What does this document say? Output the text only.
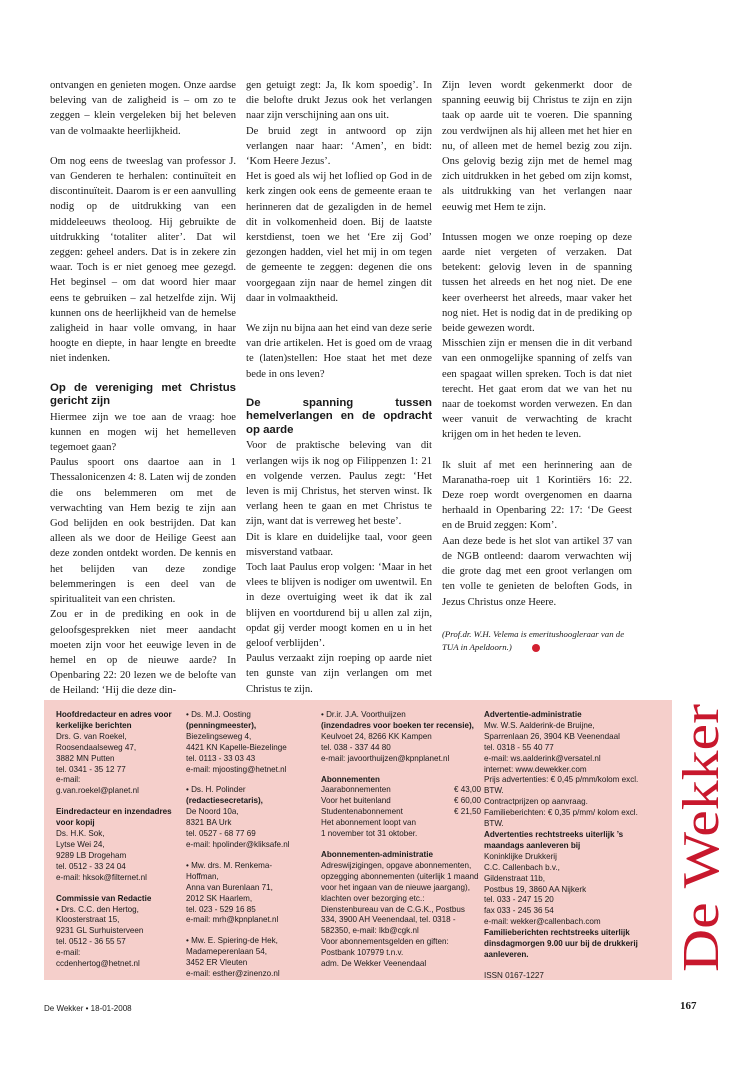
ontvangen en genieten mogen. Onze aardse beleving van de zaligheid is – om zo te zeggen – klein vergeleken bij het beleven van de volmaakte heerlijkheid.

Om nog eens de tweeslag van professor J. van Genderen te herhalen: continuïteit en discontinuïteit. Daarom is er een aanvulling nodig op de uitdrukking van een middeleeuws theoloog. Hij gebruikte de uitdrukking ‘totaliter aliter’. Dat wil zeggen: geheel anders. Dat is in zekere zin waar. Toch is er niet genoeg mee gezegd. Het beginsel – om dat woord hier maar eens te gebruiken – zal hetzelfde zijn. Wij kunnen ons de heerlijkheid van de hemelse zaligheid in haar volle omvang, in haar hoogte en diepte, in haar lengte en breedte niet indenken.

Op de vereniging met Christus gericht zijn

Hiermee zijn we toe aan de vraag: hoe kunnen en mogen wij het hemelleven tegemoet gaan?

Paulus spoort ons daartoe aan in 1 Thessalonicenzen 4: 8. Laten wij de zonden die ons belemmeren om met de verwachting van Hem bezig te zijn aan God belijden en ook bestrijden. Dat kan alleen als we door de Heilige Geest aan deze zonden ontdekt worden. De kennis en het belijden van deze zondige belemmeringen is een deel van de spiritualiteit van een christen.

Zou er in de prediking en ook in de geloofsgesprekken niet meer aandacht moeten zijn voor het eeuwige leven in de hemel en op de nieuwe aarde? In Openbaring 22: 20 lezen we de belofte van de Heiland: ‘Hij die deze din-

gen getuigt zegt: Ja, Ik kom spoedig’. In die belofte drukt Jezus ook het verlangen naar zijn verschijning aan ons uit.

De bruid zegt in antwoord op zijn verlangen naar haar: ‘Amen’, en bidt: ‘Kom Heere Jezus’.

Het is goed als wij het loflied op God in de kerk zingen ook eens de gemeente eraan te herinneren dat de gezaligden in de hemel dit in volkomenheid doen. Bij de laatste kerstdienst, toen we het ‘Ere zij God’ gezongen hadden, viel het mij in om tegen de gemeente te zeggen: degenen die ons voorgegaan zijn naar de hemel zingen dit daar in volmaaktheid.

We zijn nu bijna aan het eind van deze serie van drie artikelen. Het is goed om de vraag te (laten)stellen: Hoe staat het met deze bede in ons leven?

De spanning tussen hemelverlangen en de opdracht op aarde

Voor de praktische beleving van dit verlangen wijs ik nog op Filippenzen 1: 21 en volgende verzen. Paulus zegt: ‘Het leven is mij Christus, het sterven winst. Ik verlang heen te gaan en met Christus te zijn, want dat is verreweg het beste’.

Dit is klare en duidelijke taal, voor geen misverstand vatbaar.

Toch laat Paulus erop volgen: ‘Maar in het vlees te blijven is nodiger om uwentwil. En in deze overtuiging weet ik dat ik zal blijven en voortdurend bij u allen zal zijn, opdat gij verder moogt komen en u in het geloof verblijden’.

Paulus verzaakt zijn roeping op aarde niet ten gunste van zijn verlangen om met Christus te zijn.

Zijn leven wordt gekenmerkt door de spanning eeuwig bij Christus te zijn en zijn taak op aarde uit te voeren. Die spanning zou verdwijnen als hij alleen met het hier en nu, of alleen met de hemel bezig zou zijn. Ons gelovig bezig zijn met de hemel mag zich uitdrukken in het gebed om zijn komst, als uitdrukking van het verlangen naar eeuwig met Hem te zijn.

Intussen mogen we onze roeping op deze aarde niet vergeten of verzaken. Dat betekent: gelovig leven in de spanning tussen het alreeds en het nog niet. De ene keer overheerst het alreeds, maar vaker het nog niet. Het is nodig dat in de prediking op beide gewezen wordt.

Misschien zijn er mensen die in dit verband van een onmogelijke spanning of zelfs van een spagaat willen spreken. Toch is dat niet terecht. Het gaat erom dat we van het nu naar de toekomst worden verwezen. En dan weer vanuit de verwachting de kracht krijgen om in het heden te leven.

Ik sluit af met een herinnering aan de Maranatha-roep uit 1 Korintiërs 16: 22. Deze roep wordt overgenomen en daarna herhaald in Openbaring 22: 17: ‘De Geest en de Bruid zeggen: Kom’.

Aan deze bede is het slot van artikel 37 van de NGB ontleend: daarom verwachten wij die grote dag met een groot verlangen om ten volle te genieten de beloften Gods, in Jezus Christus onze Heere.

(Prof.dr. W.H. Velema is emeritushoogleraar van de TUA in Apeldoorn.)
Hoofdredacteur en adres voor kerkelijke berichten
Drs. G. van Roekel,
Roosendaalseweg 47,
3882 MN Putten
tel. 0341 - 35 12 77
e-mail:
g.van.roekel@planet.nl
Eindredacteur en inzendadres voor kopij
Ds. H.K. Sok,
Lytse Wei 24,
9289 LB Drogeham
tel. 0512 - 33 24 04
e-mail: hksok@filternet.nl
Commissie van Redactie
• Drs. C.C. den Hertog,
Kloosterstraat 15,
9231 GL Surhuisterveen
tel. 0512 - 36 55 57
e-mail:
ccdenhertog@hetnet.nl
• Ds. M.J. Oosting
(penningmeester),
Biezelingseweg 4,
4421 KN Kapelle-Biezelinge
tel. 0113 - 33 03 43
e-mail: mjoosting@hetnet.nl
• Ds. H. Polinder
(redactiesecretaris),
De Noord 10a,
8321 BA Urk
tel. 0527 - 68 77 69
e-mail: hpolinder@kliksafe.nl
• Mw. drs. M. Renkema-
Hoffman,
Anna van Burenlaan 71,
2012 SK Haarlem,
tel. 023 - 529 16 85
e-mail: mrh@kpnplanet.nl
• Mw. E. Spiering-de Hek,
Madameperenlaan 54,
3452 ER Vleuten
e-mail: esther@zinenzo.nl
• Dr.ir. J.A. Voorthuijzen
(inzendadres voor boeken ter recensie),
Keulvoet 24, 8266 KK Kampen
tel. 038 - 337 44 80
e-mail: javoorthuijzen@kpnplanet.nl
Abonnementen
Jaarabonnementen	€ 43,00
Voor het buitenland	€ 60,00
Studentenabonnement	€ 21,50
Het abonnement loopt van
1 november tot 31 oktober.
Abonnementen-administratie
Adreswijzigingen, opgave abonnementen, opzegging abonnementen (uiterlijk 1 maand voor het ingaan van de nieuwe jaargang), klachten over bezorging etc.: Dienstenbureau van de C.G.K., Postbus 334, 3900 AH Veenendaal, tel. 0318 - 582350, e-mail: lkb@cgk.nl
Voor abonnementsgelden en giften: Postbank 107979 t.n.v.
adm. De Wekker Veenendaal
Advertentie-administratie
Mw. W.S. Aalderink-de Bruijne,
Sparrenlaan 26, 3904 KB Veenendaal
tel. 0318 - 55 40 77
e-mail: ws.aalderink@versatel.nl
internet: www.dewekker.com
Prijs advertenties: € 0,45 p/mm/kolom excl. BTW.
Contractprijzen op aanvraag.
Familieberichten: € 0,35 p/mm/ kolom excl. BTW.
Advertenties rechtstreeks uiterlijk ’s maandags aanleveren bij
Koninklijke Drukkerij
C.C. Callenbach b.v.,
Gildenstraat 11b,
Postbus 19, 3860 AA Nijkerk
tel. 033 - 247 15 20
fax 033 - 245 36 54
e-mail: wekker@callenbach.com
Familieberichten rechtstreeks uiterlijk dinsdagmorgen 9.00 uur bij de drukkerij aanleveren.
ISSN 0167-1227
De Wekker
De Wekker • 18-01-2008	167
